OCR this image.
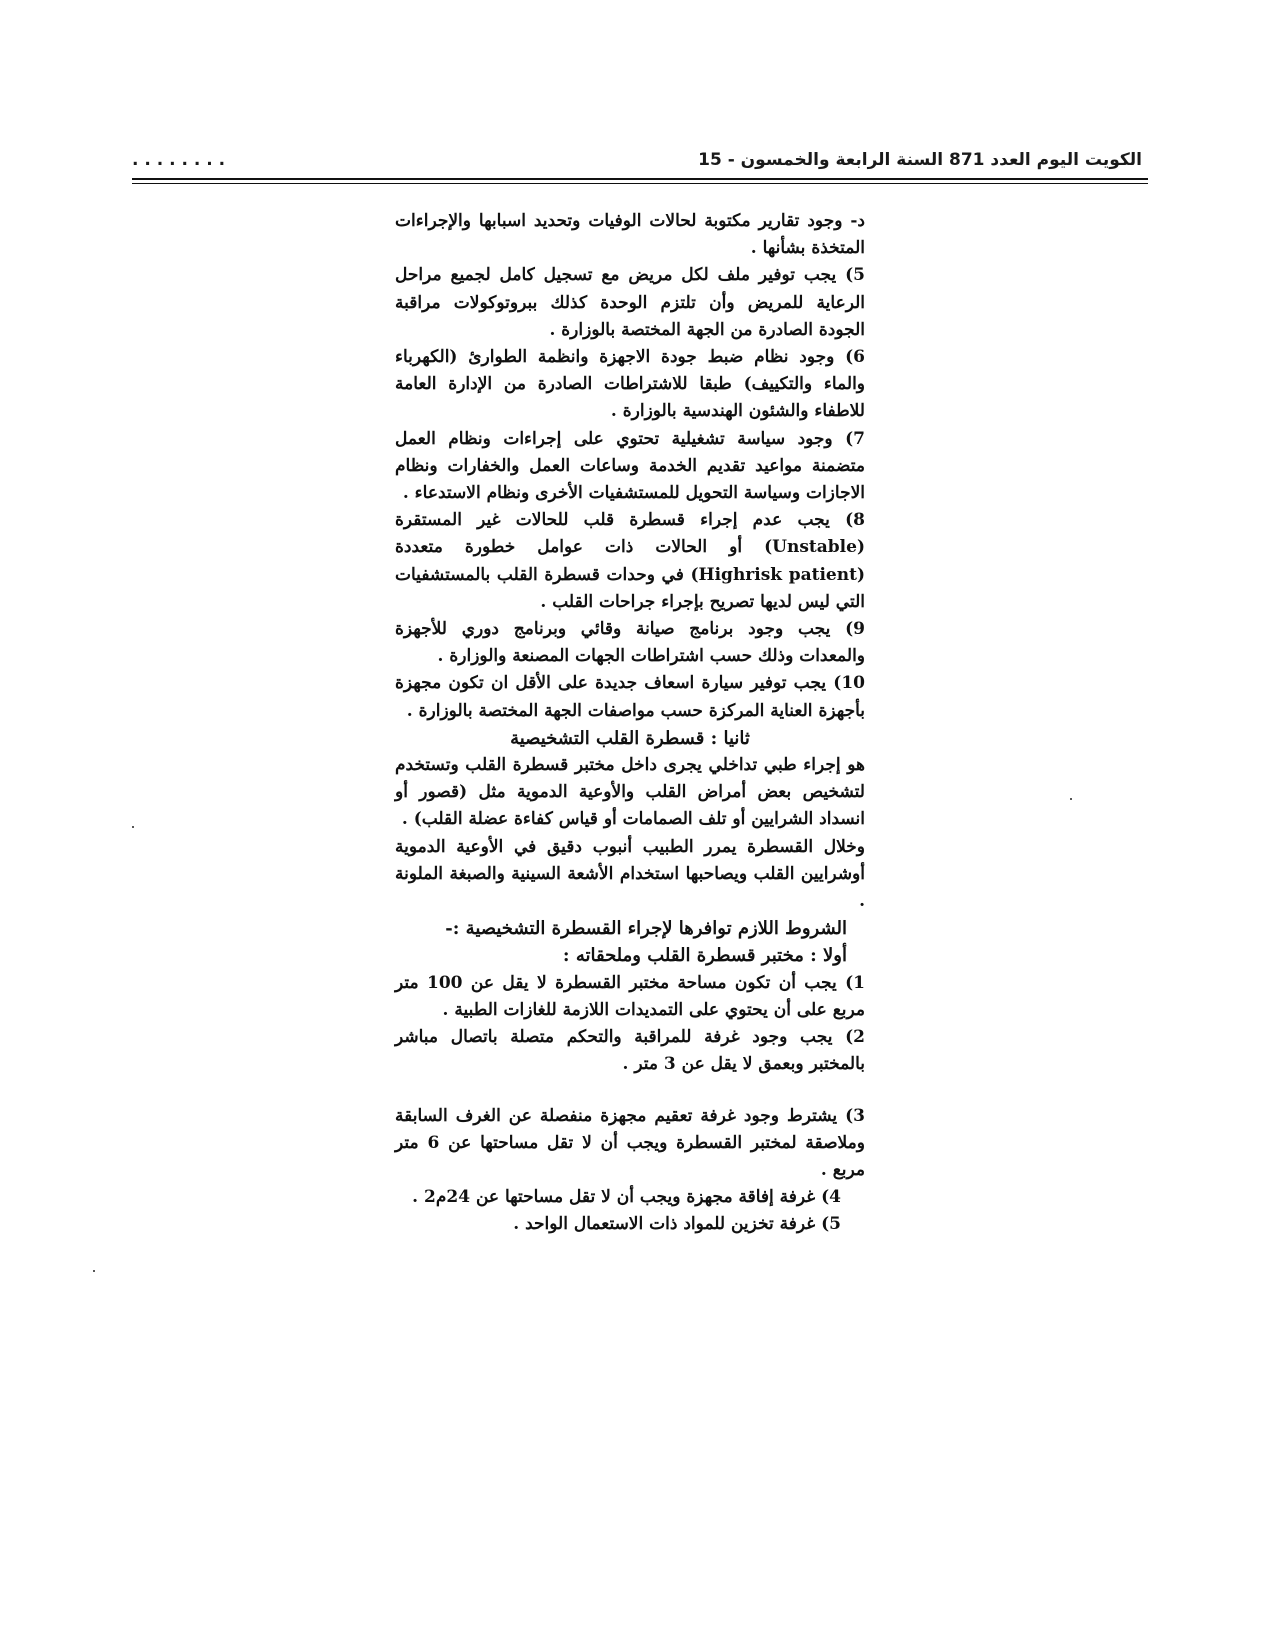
الكويت اليوم العدد 871 السنة الرابعة والخمسون - 15
. . . . . . . .

د- وجود تقارير مكتوبة لحالات الوفيات وتحديد اسبابها والإجراءات المتخذة بشأنها .

5) يجب توفير ملف لكل مريض مع تسجيل كامل لجميع مراحل الرعاية للمريض وأن تلتزم الوحدة كذلك ببروتوكولات مراقبة الجودة الصادرة من الجهة المختصة بالوزارة .

6) وجود نظام ضبط جودة الاجهزة وانظمة الطوارئ (الكهرباء والماء والتكييف) طبقا للاشتراطات الصادرة من الإدارة العامة للاطفاء والشئون الهندسية بالوزارة .

7) وجود سياسة تشغيلية تحتوي على إجراءات ونظام العمل متضمنة مواعيد تقديم الخدمة وساعات العمل والخفارات ونظام الاجازات وسياسة التحويل للمستشفيات الأخرى ونظام الاستدعاء .

8) يجب عدم إجراء قسطرة قلب للحالات غير المستقرة (Unstable) أو الحالات ذات عوامل خطورة متعددة (Highrisk patient) في وحدات قسطرة القلب بالمستشفيات التي ليس لديها تصريح بإجراء جراحات القلب .

9) يجب وجود برنامج صيانة وقائي وبرنامج دوري للأجهزة والمعدات وذلك حسب اشتراطات الجهات المصنعة والوزارة .

10) يجب توفير سيارة اسعاف جديدة على الأقل ان تكون مجهزة بأجهزة العناية المركزة حسب مواصفات الجهة المختصة بالوزارة .

ثانيا : قسطرة القلب التشخيصية

هو إجراء طبي تداخلي يجرى داخل مختبر قسطرة القلب وتستخدم لتشخيص بعض أمراض القلب والأوعية الدموية مثل (قصور أو انسداد الشرايين أو تلف الصمامات أو قياس كفاءة عضلة القلب) .

وخلال القسطرة يمرر الطبيب أنبوب دقيق في الأوعية الدموية أوشرايين القلب ويصاحبها استخدام الأشعة السينية والصبغة الملونة .

الشروط اللازم توافرها لإجراء القسطرة التشخيصية :-

أولا : مختبر قسطرة القلب وملحقاته :

1) يجب أن تكون مساحة مختبر القسطرة لا يقل عن 100 متر مربع على أن يحتوي على التمديدات اللازمة للغازات الطبية .

2) يجب وجود غرفة للمراقبة والتحكم متصلة باتصال مباشر بالمختبر وبعمق لا يقل عن 3 متر .

3) يشترط وجود غرفة تعقيم مجهزة منفصلة عن الغرف السابقة وملاصقة لمختبر القسطرة ويجب أن لا تقل مساحتها عن 6 متر مربع .

4) غرفة إفاقة مجهزة ويجب أن لا تقل مساحتها عن 24م2 .

5) غرفة تخزين للمواد ذات الاستعمال الواحد .
